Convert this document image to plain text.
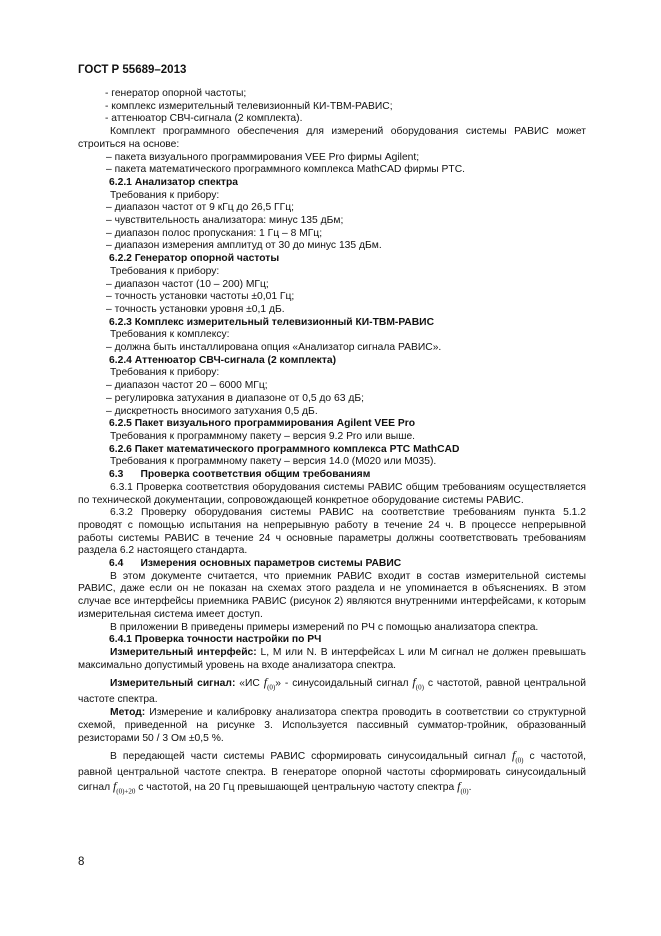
ГОСТ Р 55689–2013

- генератор опорной частоты;

- комплекс измерительный телевизионный КИ-ТВМ-РАВИС;

- аттенюатор СВЧ-сигнала (2 комплекта).

Комплект программного обеспечения для измерений оборудования системы РАВИС может строиться на основе:

– пакета визуального программирования VEE Pro фирмы Agilent;

– пакета математического программного комплекса MathCAD фирмы PTC.

6.2.1 Анализатор спектра

Требования к прибору:

– диапазон частот от 9 кГц до 26,5 ГГц;

– чувствительность анализатора: минус 135 дБм;

– диапазон полос пропускания: 1 Гц – 8 МГц;

– диапазон измерения амплитуд от 30 до минус 135 дБм.

6.2.2 Генератор опорной частоты

Требования к прибору:

– диапазон частот (10 – 200) МГц;

– точность установки частоты ±0,01 Гц;

– точность установки уровня ±0,1 дБ.

6.2.3 Комплекс измерительный телевизионный КИ-ТВМ-РАВИС

Требования к комплексу:

– должна быть инсталлирована опция «Анализатор сигнала РАВИС».

6.2.4 Аттенюатор СВЧ-сигнала (2 комплекта)

Требования к прибору:

– диапазон частот 20 – 6000 МГц;

– регулировка затухания в диапазоне от 0,5 до 63 дБ;

– дискретность вносимого затухания 0,5 дБ.

6.2.5 Пакет визуального программирования Agilent VEE Pro

Требования к программному пакету – версия 9.2 Pro или выше.

6.2.6 Пакет математического программного комплекса PTC MathCAD

Требования к программному пакету – версия 14.0 (М020 или М035).

6.3      Проверка соответствия общим требованиям

6.3.1 Проверка соответствия оборудования системы РАВИС общим требованиям осуществляется по технической документации, сопровождающей конкретное оборудование системы РАВИС.

6.3.2 Проверку оборудования системы РАВИС на соответствие требованиям пункта 5.1.2 проводят с помощью испытания на непрерывную работу в течение 24 ч. В процессе непрерывной работы системы РАВИС в течение 24 ч основные параметры должны соответствовать требованиям раздела 6.2 настоящего стандарта.

6.4      Измерения основных параметров системы РАВИС

В этом документе считается, что приемник РАВИС входит в состав измерительной системы РАВИС, даже если он не показан на схемах этого раздела и не упоминается в объяснениях. В этом случае все интерфейсы приемника РАВИС (рисунок 2) являются внутренними интерфейсами, к которым измерительная система имеет доступ.

В приложении В приведены примеры измерений по РЧ с помощью анализатора спектра.

6.4.1 Проверка точности настройки по РЧ

Измерительный интерфейс: L, M или N. В интерфейсах L или M сигнал не должен превышать максимально допустимый уровень на входе анализатора спектра.

Измерительный сигнал: «ИС $f_{(0)}$» - синусоидальный сигнал $f_{(0)}$ с частотой, равной центральной частоте спектра.

Метод: Измерение и калибровку анализатора спектра проводить в соответствии со структурной схемой, приведенной на рисунке 3. Используется пассивный сумматор-тройник, образованный резисторами 50 / 3 Ом ±0,5 %.

В передающей части системы РАВИС сформировать синусоидальный сигнал $f_{(0)}$ с частотой, равной центральной частоте спектра. В генераторе опорной частоты сформировать синусоидальный сигнал $f_{(0)+20}$ с частотой, на 20 Гц превышающей центральную частоту спектра $f_{(0)}$.

8
